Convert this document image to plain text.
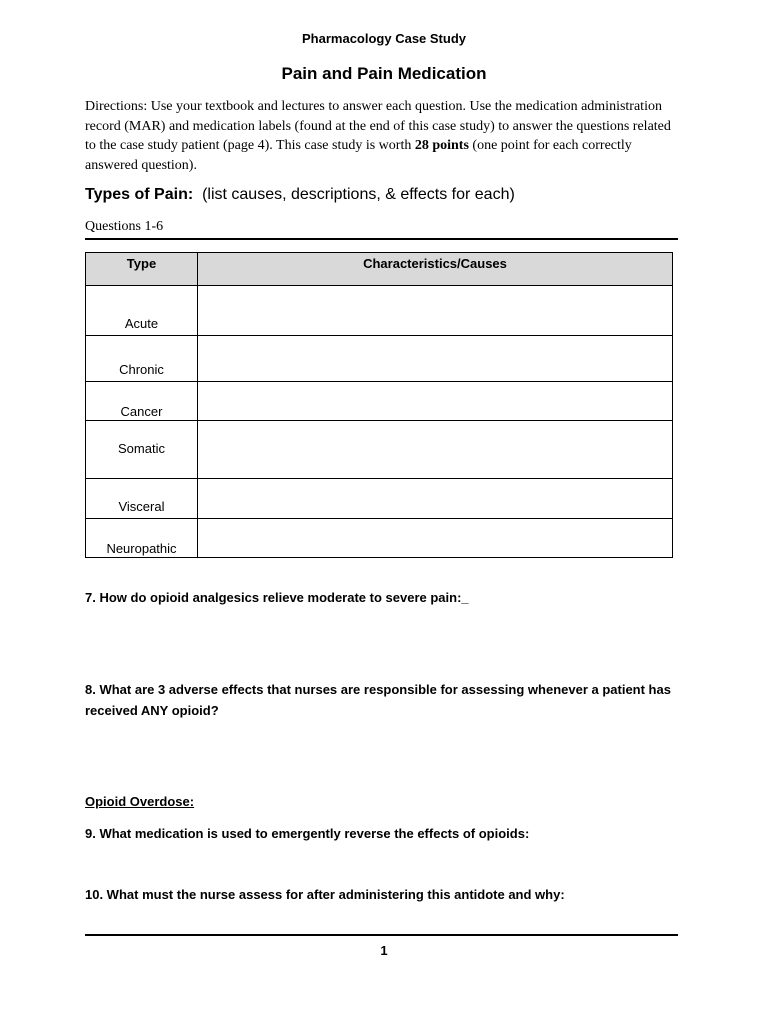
Pharmacology Case Study
Pain and Pain Medication
Directions: Use your textbook and lectures to answer each question. Use the medication administration record (MAR) and medication labels (found at the end of this case study) to answer the questions related to the case study patient (page 4). This case study is worth 28 points (one point for each correctly answered question).
Types of Pain: (list causes, descriptions, & effects for each)
Questions 1-6
Type	Characteristics/Causes
Acute	
Chronic	
Cancer	
Somatic	
Visceral	
Neuropathic	
7. How do opioid analgesics relieve moderate to severe pain:_
8. What are 3 adverse effects that nurses are responsible for assessing whenever a patient has received ANY opioid?
Opioid Overdose:
9. What medication is used to emergently reverse the effects of opioids:
10. What must the nurse assess for after administering this antidote and why:
1
